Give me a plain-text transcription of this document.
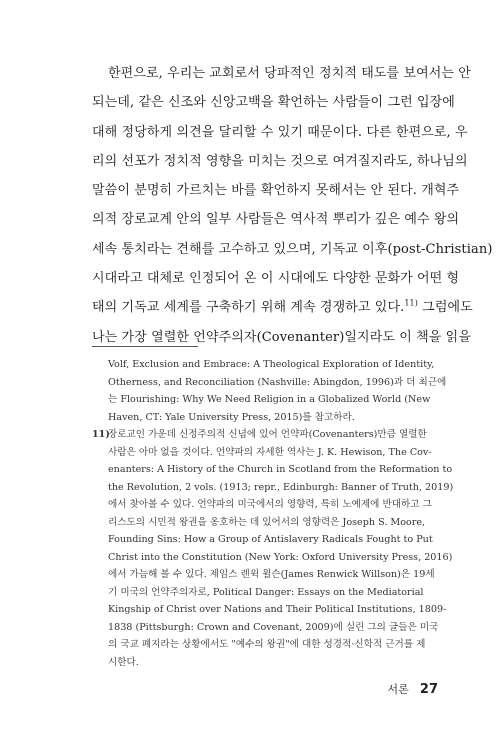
한편으로, 우리는 교회로서 당파적인 정치적 태도를 보여서는 안
되는데, 같은 신조와 신앙고백을 확언하는 사람들이 그런 입장에
대해 정당하게 의견을 달리할 수 있기 때문이다. 다른 한편으로, 우
리의 선포가 정치적 영향을 미치는 것으로 여겨질지라도, 하나님의
말씀이 분명히 가르치는 바를 확언하지 못해서는 안 된다. 개혁주
의적 장로교계 안의 일부 사람들은 역사적 뿌리가 깊은 예수 왕의
세속 통치라는 견해를 고수하고 있으며, 기독교 이후(post-Christian)
시대라고 대체로 인정되어 온 이 시대에도 다양한 문화가 어떤 형
태의 기독교 세계를 구축하기 위해 계속 경쟁하고 있다.$^{11)}$ 그럼에도
나는 가장 열렬한 언약주의자(Covenanter)일지라도 이 책을 읽을
Volf, Exclusion and Embrace: A Theological Exploration of Identity,
Otherness, and Reconciliation (Nashville: Abingdon, 1996)과 더 최근에
는 Flourishing: Why We Need Religion in a Globalized World (New
Haven, CT: Yale University Press, 2015)를 참고하라.
11)장로교인 가운데 신정주의적 신념에 있어 언약파(Covenanters)만큼 열렬한
사람은 아마 없을 것이다. 언약파의 자세한 역사는 J. K. Hewison, The Cov-
enanters: A History of the Church in Scotland from the Reformation to
the Revolution, 2 vols. (1913; repr., Edinburgh: Banner of Truth, 2019)
에서 찾아볼 수 있다. 언약파의 미국에서의 영향력, 특히 노예제에 반대하고 그
리스도의 시민적 왕권을 옹호하는 데 있어서의 영향력은 Joseph S. Moore,
Founding Sins: How a Group of Antislavery Radicals Fought to Put
Christ into the Constitution (New York: Oxford University Press, 2016)
에서 가늠해 볼 수 있다. 제임스 렌윅 윌슨(James Renwick Willson)은 19세
기 미국의 언약주의자로, Political Danger: Essays on the Mediatorial
Kingship of Christ over Nations and Their Political Institutions, 1809-
1838 (Pittsburgh: Crown and Covenant, 2009)에 실린 그의 글들은 미국
의 국교 폐지라는 상황에서도 "예수의 왕권"에 대한 성경적·신학적 근거를 제
시한다.
서론 27
